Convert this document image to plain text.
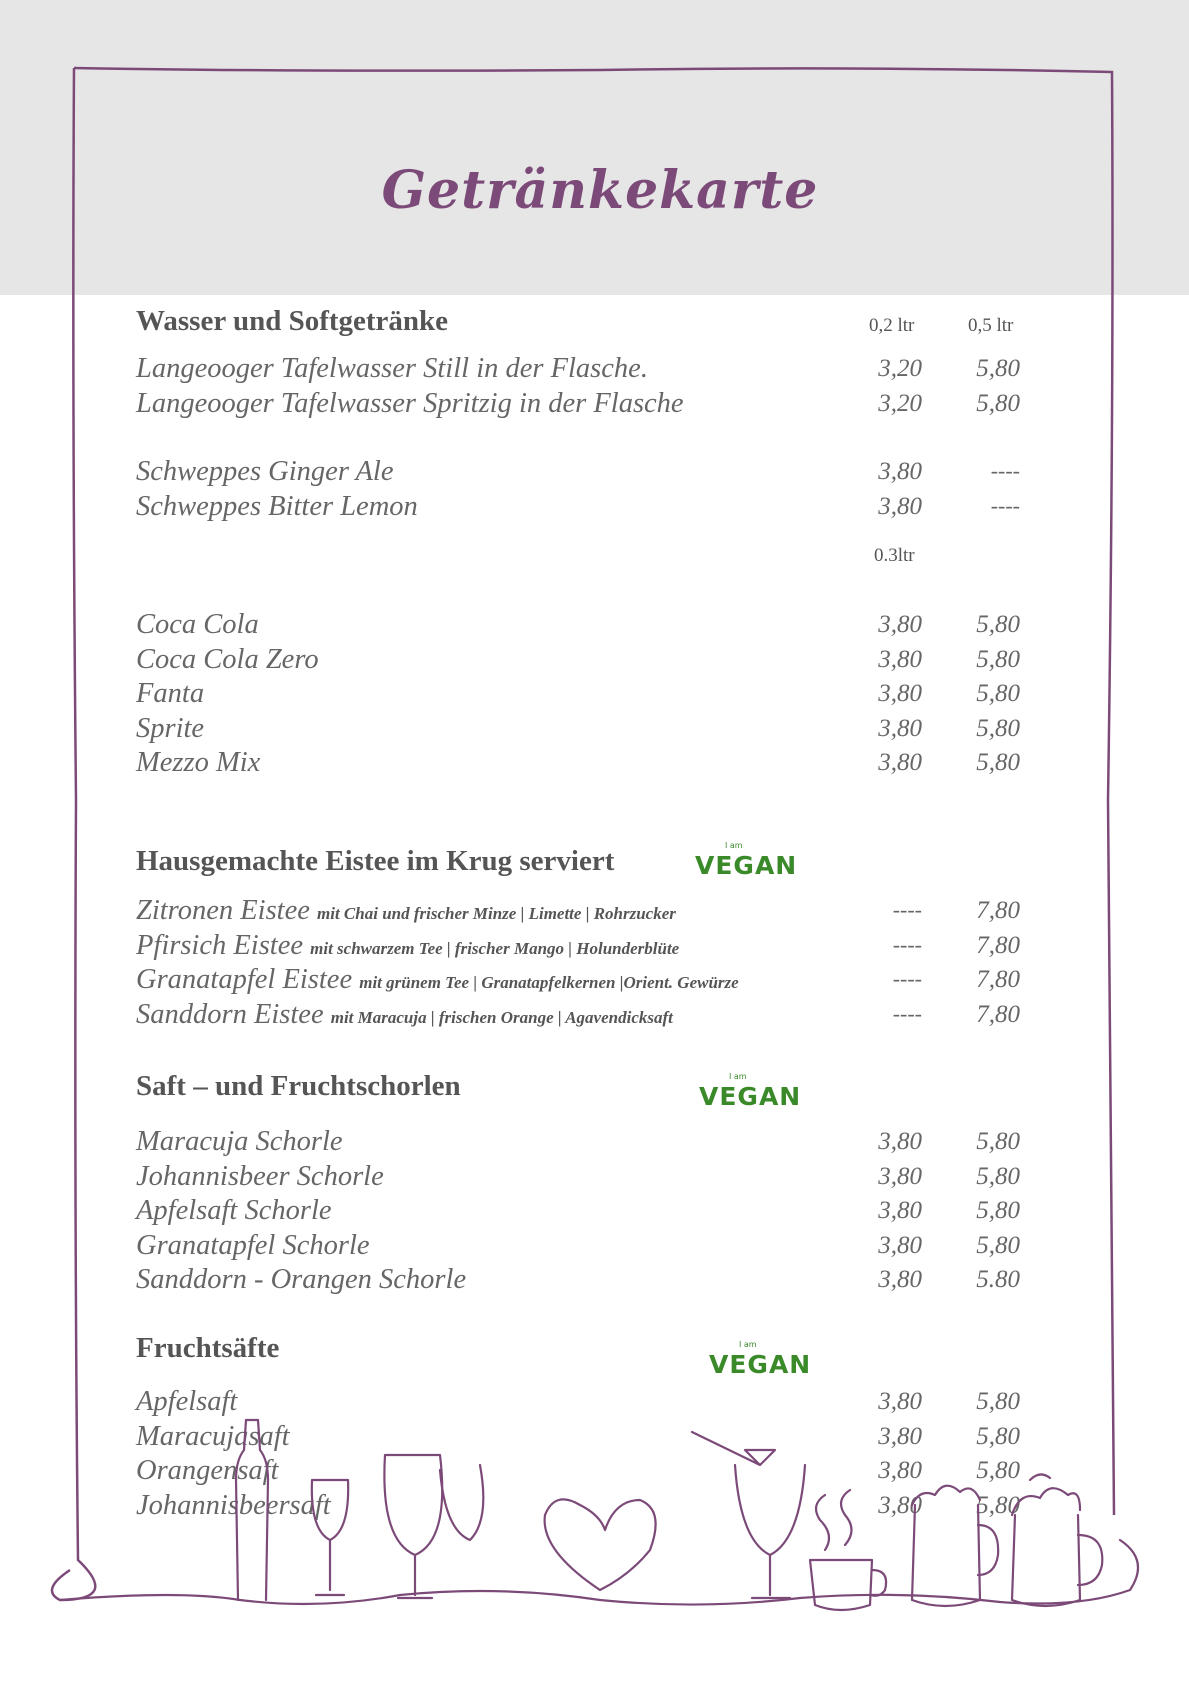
Getränkekarte
Wasser und Softgetränke	0,2 ltr	0,5 ltr
Langeooger Tafelwasser Still in der Flasche.	3,20	5,80
Langeooger Tafelwasser Spritzig in der Flasche	3,20	5,80
Schweppes Ginger Ale	3,80	----
Schweppes Bitter Lemon	3,80	----
0.3ltr
Coca Cola	3,80	5,80
Coca Cola Zero	3,80	5,80
Fanta	3,80	5,80
Sprite	3,80	5,80
Mezzo Mix	3,80	5,80
Hausgemachte Eistee im Krug serviert	I am
VEGAN
Zitronen Eistee mit Chai und frischer Minze | Limette | Rohrzucker	----	7,80
Pfirsich Eistee mit schwarzem Tee | frischer Mango | Holunderblüte	----	7,80
Granatapfel Eistee mit grünem Tee | Granatapfelkernen |Orient. Gewürze	----	7,80
Sanddorn Eistee mit Maracuja | frischen Orange | Agavendicksaft	----	7,80
Saft – und Fruchtschorlen	I am
VEGAN
Maracuja Schorle	3,80	5,80
Johannisbeer Schorle	3,80	5,80
Apfelsaft Schorle	3,80	5,80
Granatapfel Schorle	3,80	5,80
Sanddorn - Orangen Schorle	3,80	5.80
Fruchtsäfte	I am
VEGAN
Apfelsaft	3,80	5,80
Maracujasaft	3,80	5,80
Orangensaft	3,80	5,80
Johannisbeersaft	3,80	5,80
